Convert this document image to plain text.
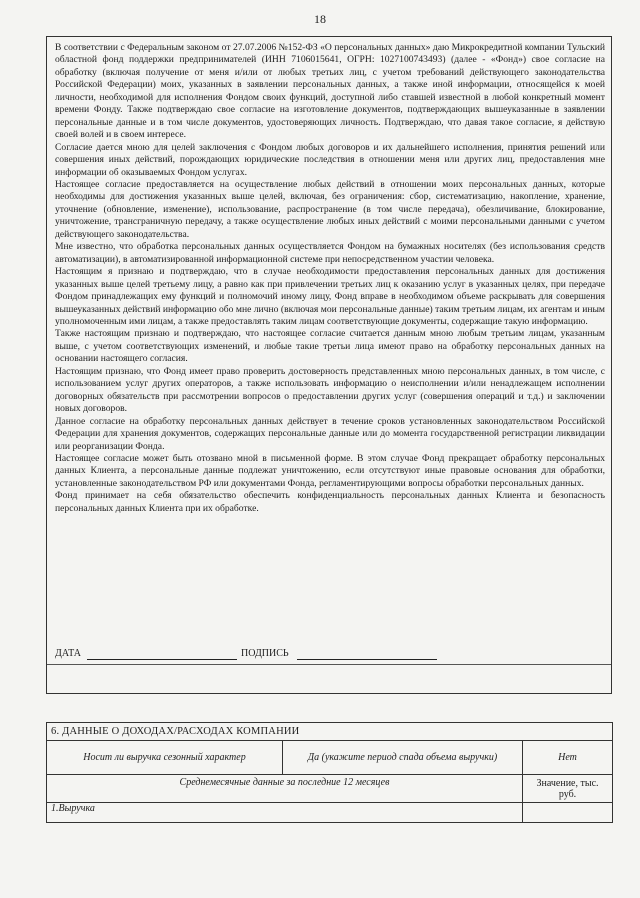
18

В соответствии с Федеральным законом от 27.07.2006 №152-ФЗ «О персональных данных» даю Микрокредитной компании Тульский областной фонд поддержки предпринимателей (ИНН 7106015641, ОГРН: 1027100743493) (далее - «Фонд») свое согласие на обработку (включая получение от меня и/или от любых третьих лиц, с учетом требований действующего законодательства Российской Федерации) моих, указанных в заявлении персональных данных, а также иной информации, относящейся к моей личности, необходимой для исполнения Фондом своих функций, доступной либо ставшей известной в любой конкретный момент времени Фонду. Также подтверждаю свое согласие на изготовление документов, подтверждающих вышеуказанные в заявлении персональные данные и в том числе документов, удостоверяющих личность. Подтверждаю, что давая такое согласие, я действую своей волей и в своем интересе.

Согласие дается мною для целей заключения с Фондом любых договоров и их дальнейшего исполнения, принятия решений или совершения иных действий, порождающих юридические последствия в отношении меня или других лиц, предоставления мне информации об оказываемых Фондом услугах.

Настоящее согласие предоставляется на осуществление любых действий в отношении моих персональных данных, которые необходимы для достижения указанных выше целей, включая, без ограничения: сбор, систематизацию, накопление, хранение, уточнение (обновление, изменение), использование, распространение (в том числе передача), обезличивание, блокирование, уничтожение, трансграничную передачу, а также осуществление любых иных действий с моими персональными данными с учетом действующего законодательства.

Мне известно, что обработка персональных данных осуществляется Фондом на бумажных носителях (без использования средств автоматизации), в автоматизированной информационной системе при непосредственном участии человека.

Настоящим я признаю и подтверждаю, что в случае необходимости предоставления персональных данных для достижения указанных выше целей третьему лицу, а равно как при привлечении третьих лиц к оказанию услуг в указанных целях, при передаче Фондом принадлежащих ему функций и полномочий иному лицу, Фонд вправе в необходимом объеме раскрывать для совершения вышеуказанных действий информацию обо мне лично (включая мои персональные данные) таким третьим лицам, их агентам и иным уполномоченным ими лицам, а также предоставлять таким лицам соответствующие документы, содержащие такую информацию.

Также настоящим признаю и подтверждаю, что настоящее согласие считается данным мною любым третьим лицам, указанным выше, с учетом соответствующих изменений, и любые такие третьи лица имеют право на обработку персональных данных на основании настоящего согласия.

Настоящим признаю, что Фонд имеет право проверить достоверность представленных мною персональных данных, в том числе, с использованием услуг других операторов, а также использовать информацию о неисполнении и/или ненадлежащем исполнении договорных обязательств при рассмотрении вопросов о предоставлении других услуг (совершения операций и т.д.) и заключении новых договоров.

Данное согласие на обработку персональных данных действует в течение сроков установленных законодательством Российской Федерации для хранения документов, содержащих персональные данные или до момента государственной регистрации ликвидации или реорганизации Фонда.

Настоящее согласие может быть отозвано мной в письменной форме. В этом случае Фонд прекращает обработку персональных данных Клиента, а персональные данные подлежат уничтожению, если отсутствуют иные правовые основания для обработки, установленные законодательством РФ или документами Фонда, регламентирующими вопросы обработки персональных данных.

Фонд принимает на себя обязательство обеспечить конфиденциальность персональных данных Клиента и безопасность персональных данных Клиента при их обработке.

ДАТА	ПОДПИСЬ
6. ДАННЫЕ О ДОХОДАХ/РАСХОДАХ КОМПАНИИ		
Носит ли выручка сезонный характер	Да (укажите период спада объема выручки)	Нет
Среднемесячные данные за последние 12 месяцев		Значение, тыс. руб.
1.Выручка		
